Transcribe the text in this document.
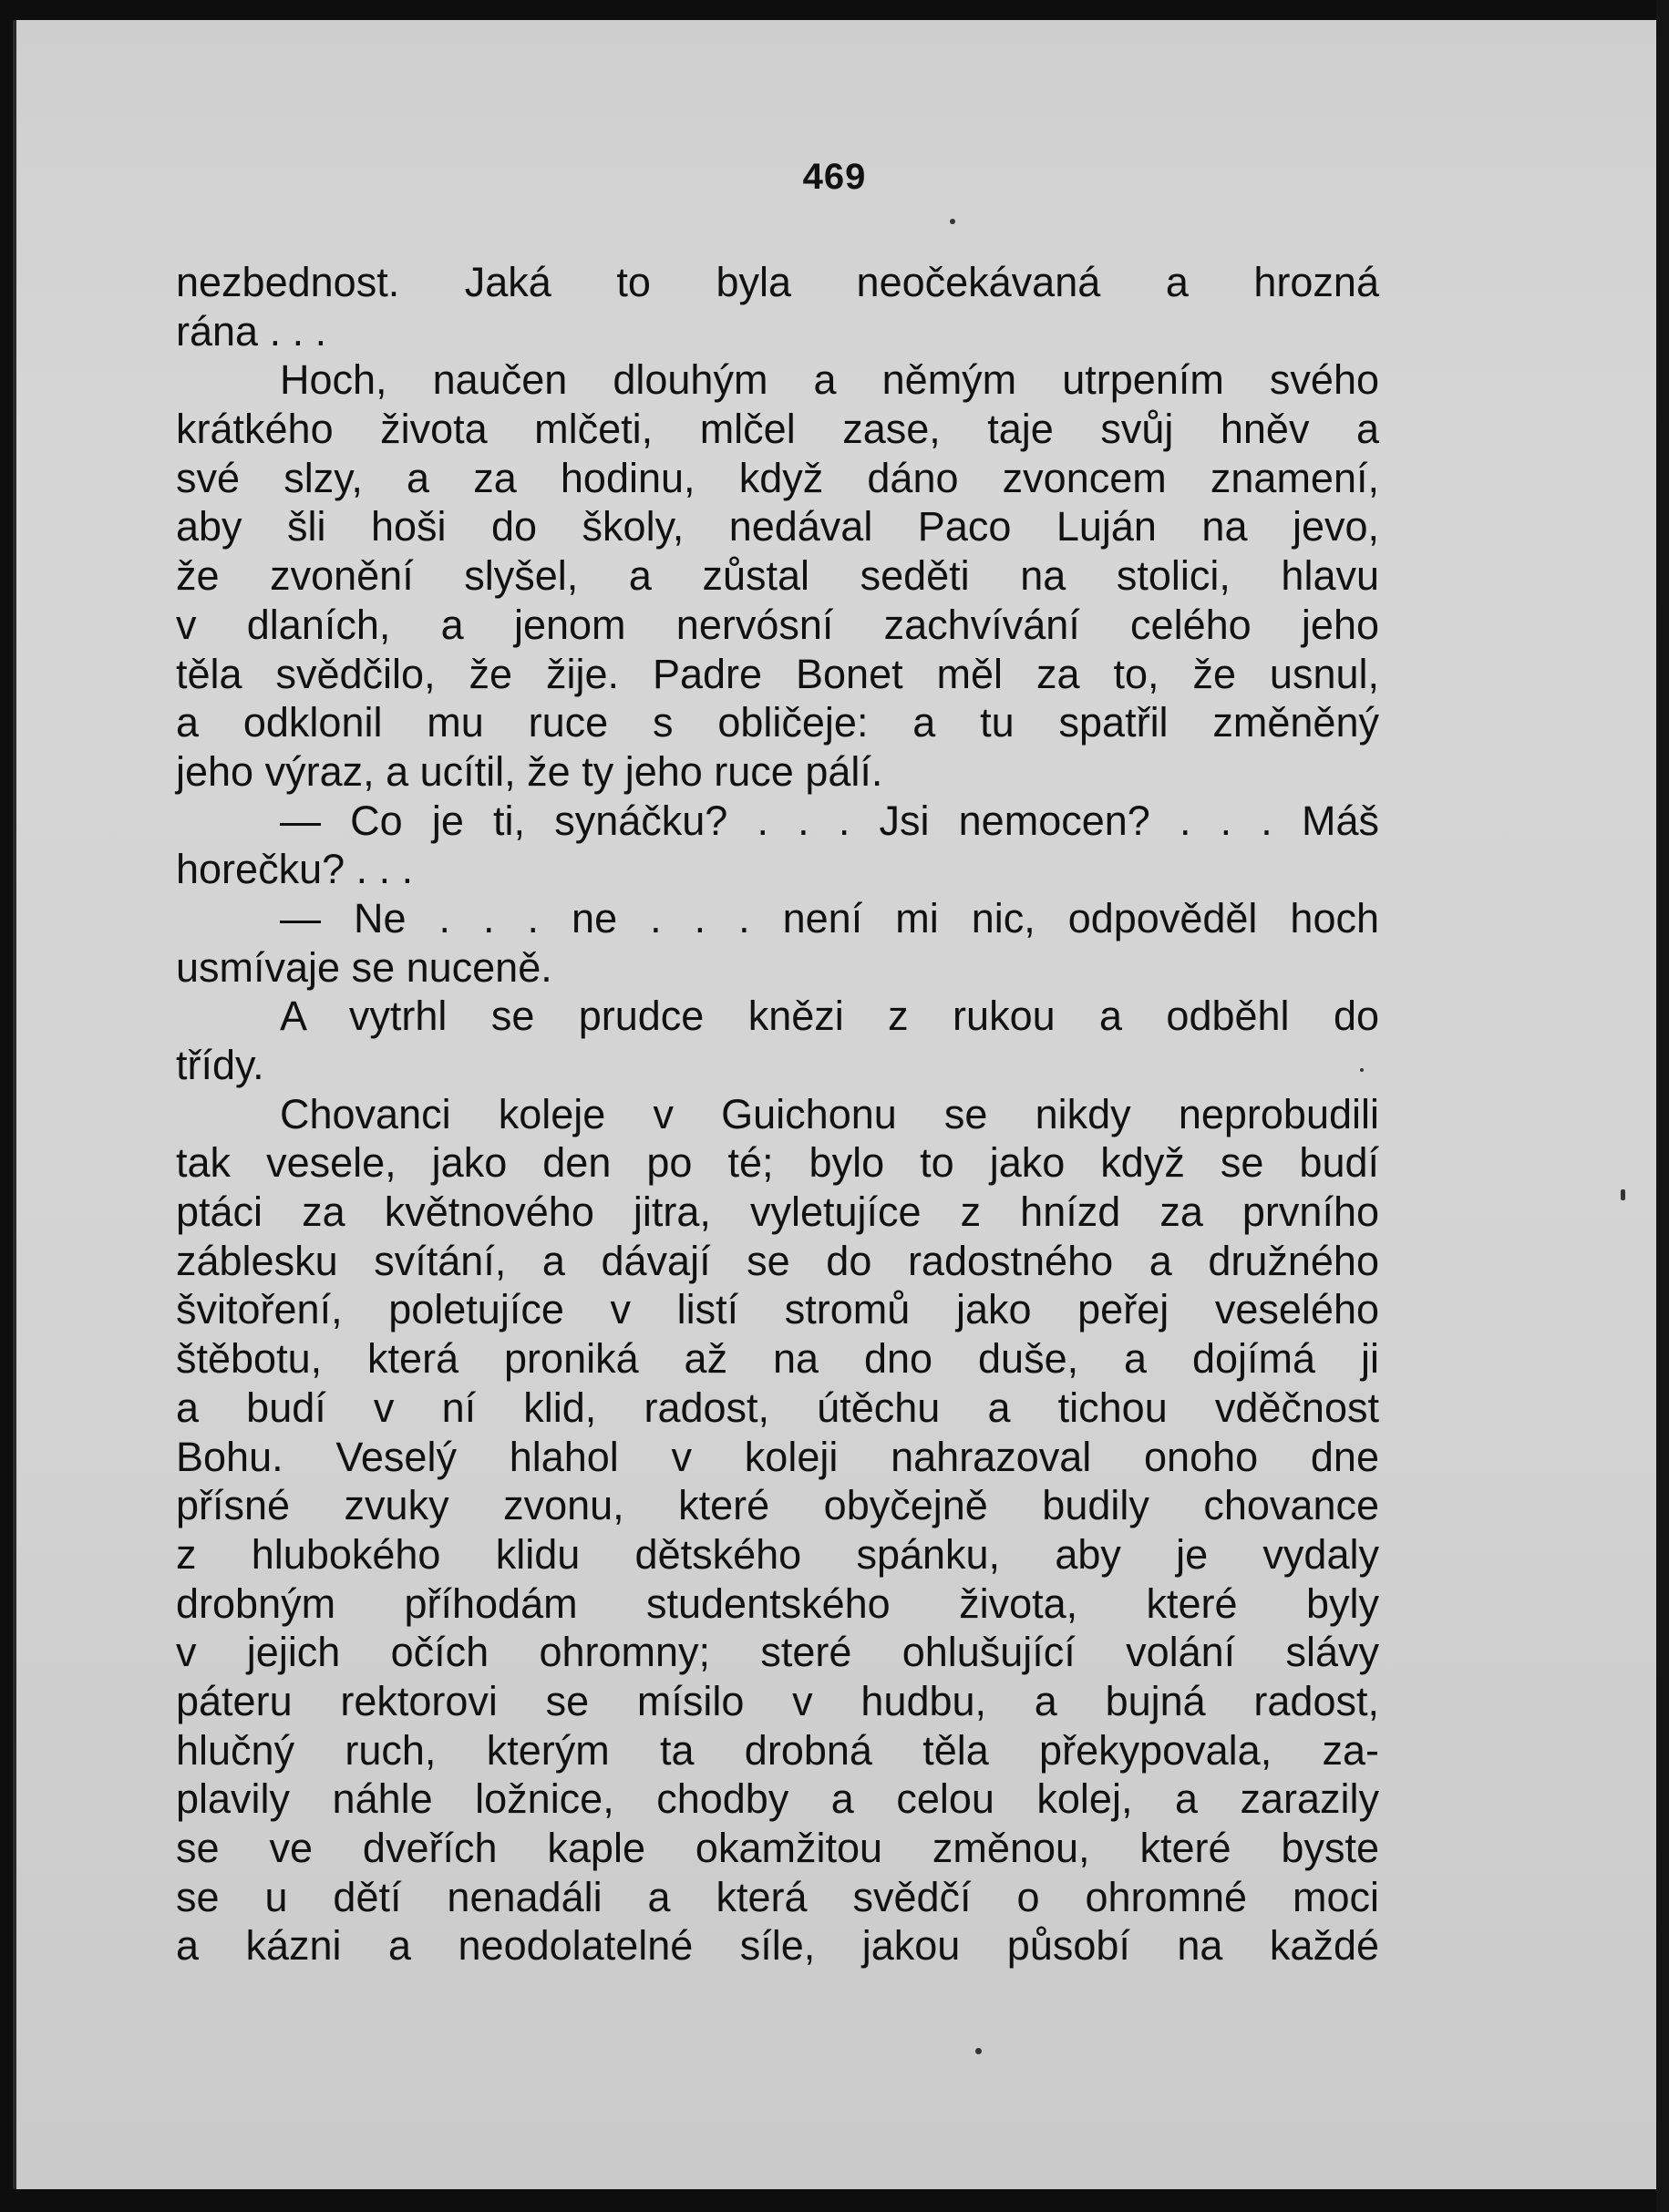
469
nezbednost. Jaká to byla neočekávaná a hrozná
rána . . .
Hoch, naučen dlouhým a němým utrpením svého
krátkého života mlčeti, mlčel zase, taje svůj hněv a
své slzy, a za hodinu, když dáno zvoncem znamení,
aby šli hoši do školy, nedával Paco Luján na jevo,
že zvonění slyšel, a zůstal seděti na stolici, hlavu
v dlaních, a jenom nervósní zachvívání celého jeho
těla svědčilo, že žije. Padre Bonet měl za to, že usnul,
a odklonil mu ruce s obličeje: a tu spatřil změněný
jeho výraz, a ucítil, že ty jeho ruce pálí.
— Co je ti, synáčku? . . . Jsi nemocen? . . . Máš
horečku? . . .
— Ne . . . ne . . . není mi nic, odpověděl hoch
usmívaje se nuceně.
A vytrhl se prudce knězi z rukou a odběhl do
třídy.
Chovanci koleje v Guichonu se nikdy neprobudili
tak vesele, jako den po té; bylo to jako když se budí
ptáci za květnového jitra, vyletujíce z hnízd za prvního
záblesku svítání, a dávají se do radostného a družného
švitoření, poletujíce v listí stromů jako peřej veselého
štěbotu, která proniká až na dno duše, a dojímá ji
a budí v ní klid, radost, útěchu a tichou vděčnost
Bohu. Veselý hlahol v koleji nahrazoval onoho dne
přísné zvuky zvonu, které obyčejně budily chovance
z hlubokého klidu dětského spánku, aby je vydaly
drobným příhodám studentského života, které byly
v jejich očích ohromny; steré ohlušující volání slávy
páteru rektorovi se mísilo v hudbu, a bujná radost,
hlučný ruch, kterým ta drobná těla překypovala, za-
plavily náhle ložnice, chodby a celou kolej, a zarazily
se ve dveřích kaple okamžitou změnou, které byste
se u dětí nenadáli a která svědčí o ohromné moci
a kázni a neodolatelné síle, jakou působí na každé
